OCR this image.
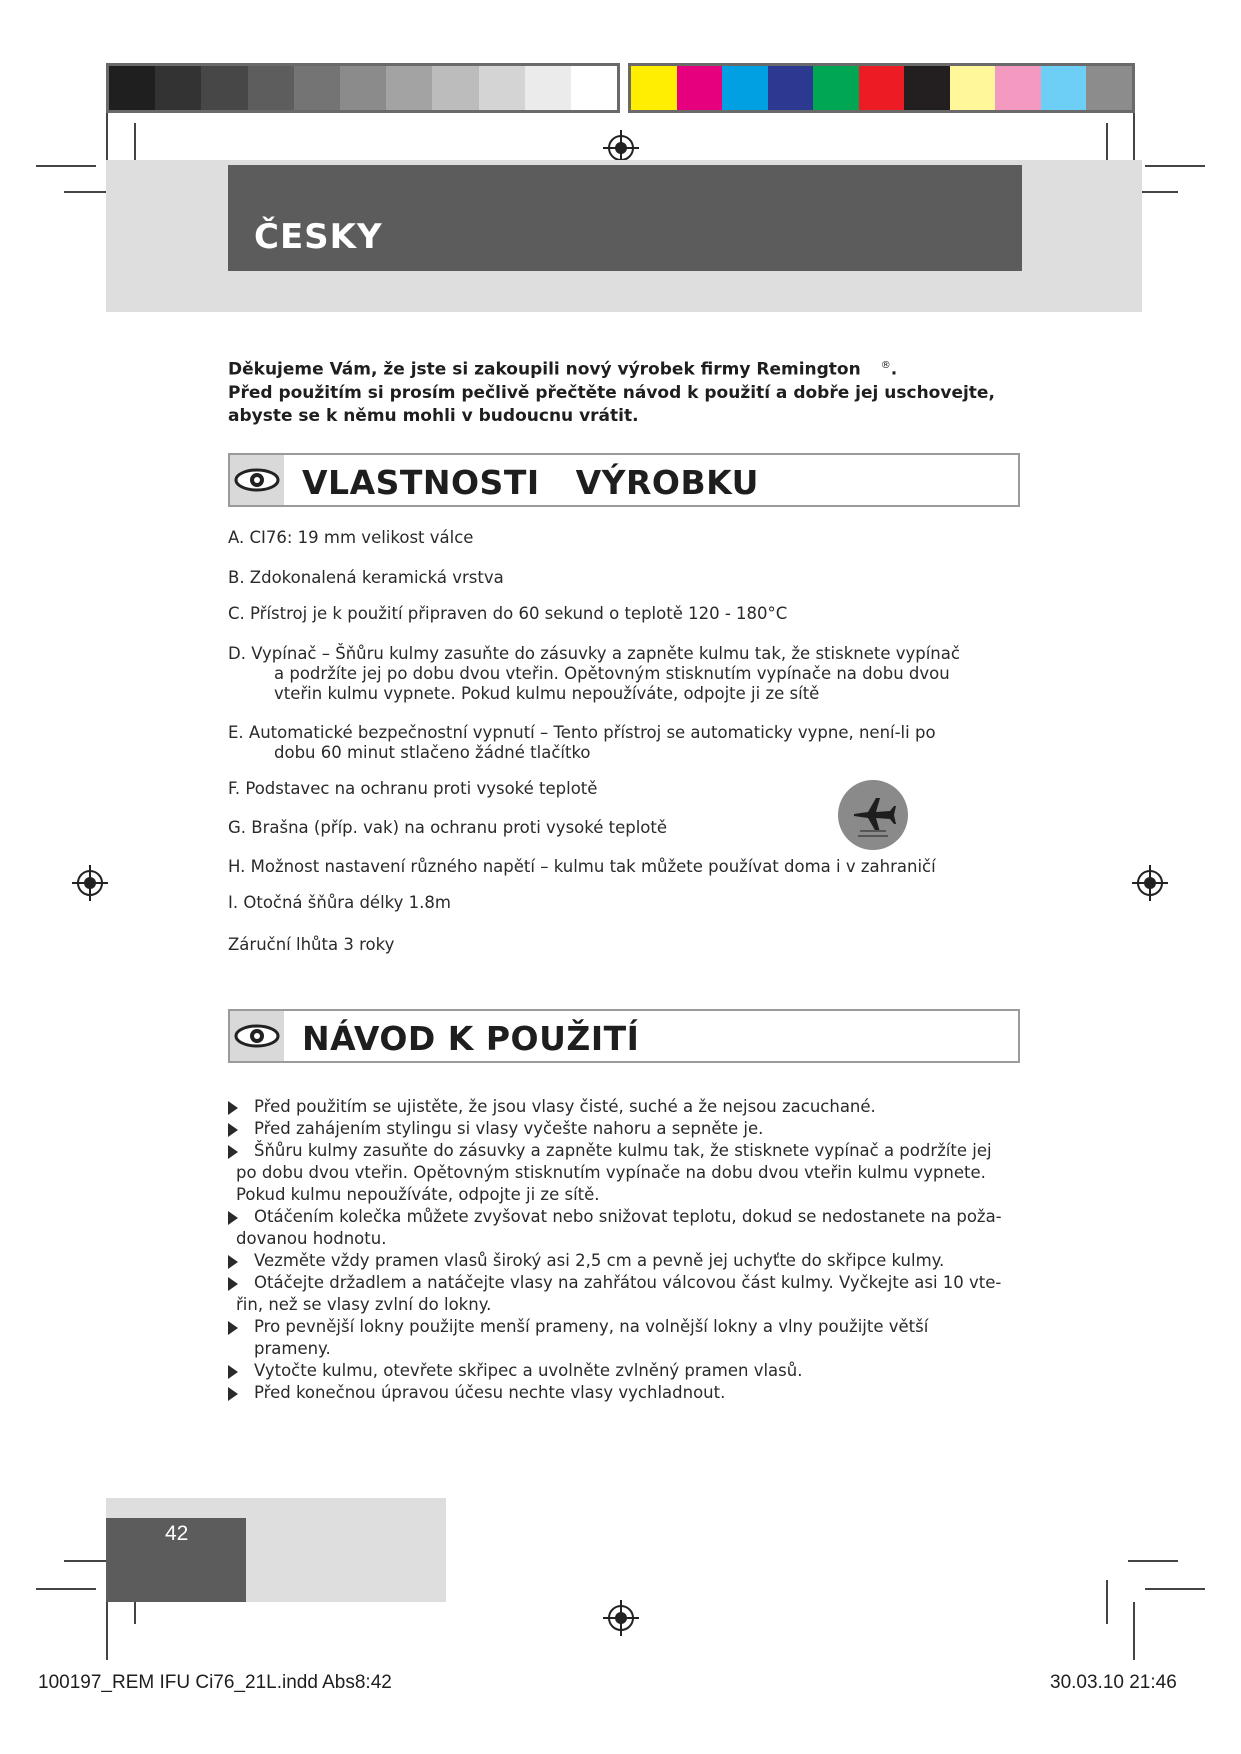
ČESKY
Děkujeme Vám, že jste si zakoupili nový výrobek firmy Remington ®.
Před použitím si prosím pečlivě přečtěte návod k použití a dobře jej uschovejte,
abyste se k němu mohli v budoucnu vrátit.
VLASTNOSTI   VÝROBKU
A. CI76: 19 mm velikost válce
B. Zdokonalená keramická vrstva
C. Přístroj je k použití připraven do 60 sekund o teplotě 120 - 180°C
D. Vypínač – Šňůru kulmy zasuňte do zásuvky a zapněte kulmu tak, že stisknete vypínač
a podržíte jej po dobu dvou vteřin. Opětovným stisknutím vypínače na dobu dvou
vteřin kulmu vypnete. Pokud kulmu nepoužíváte, odpojte ji ze sítě
E. Automatické bezpečnostní vypnutí – Tento přístroj se automaticky vypne, není-li po
dobu 60 minut stlačeno žádné tlačítko
F. Podstavec na ochranu proti vysoké teplotě
G. Brašna (příp. vak) na ochranu proti vysoké teplotě
H. Možnost nastavení různého napětí – kulmu tak můžete používat doma i v zahraničí
I. Otočná šňůra délky 1.8m
Záruční lhůta 3 roky
NÁVOD K POUŽITÍ
Před použitím se ujistěte, že jsou vlasy čisté, suché a že nejsou zacuchané.
Před zahájením stylingu si vlasy vyčešte nahoru a sepněte je.
Šňůru kulmy zasuňte do zásuvky a zapněte kulmu tak, že stisknete vypínač a podržíte jej
po dobu dvou vteřin. Opětovným stisknutím vypínače na dobu dvou vteřin kulmu vypnete.
Pokud kulmu nepoužíváte, odpojte ji ze sítě.
Otáčením kolečka můžete zvyšovat nebo snižovat teplotu, dokud se nedostanete na poža-
dovanou hodnotu.
Vezměte vždy pramen vlasů široký asi 2,5 cm a pevně jej uchyťte do skřipce kulmy.
Otáčejte držadlem a natáčejte vlasy na zahřátou válcovou část kulmy. Vyčkejte asi 10 vte-
řin, než se vlasy zvlní do lokny.
Pro pevnější lokny použijte menší prameny, na volnější lokny a vlny použijte větší prameny.
Vytočte kulmu, otevřete skřipec a uvolněte zvlněný pramen vlasů.
Před konečnou úpravou účesu nechte vlasy vychladnout.
42
100197_REM IFU Ci76_21L.indd Abs8:42	30.03.10 21:46
